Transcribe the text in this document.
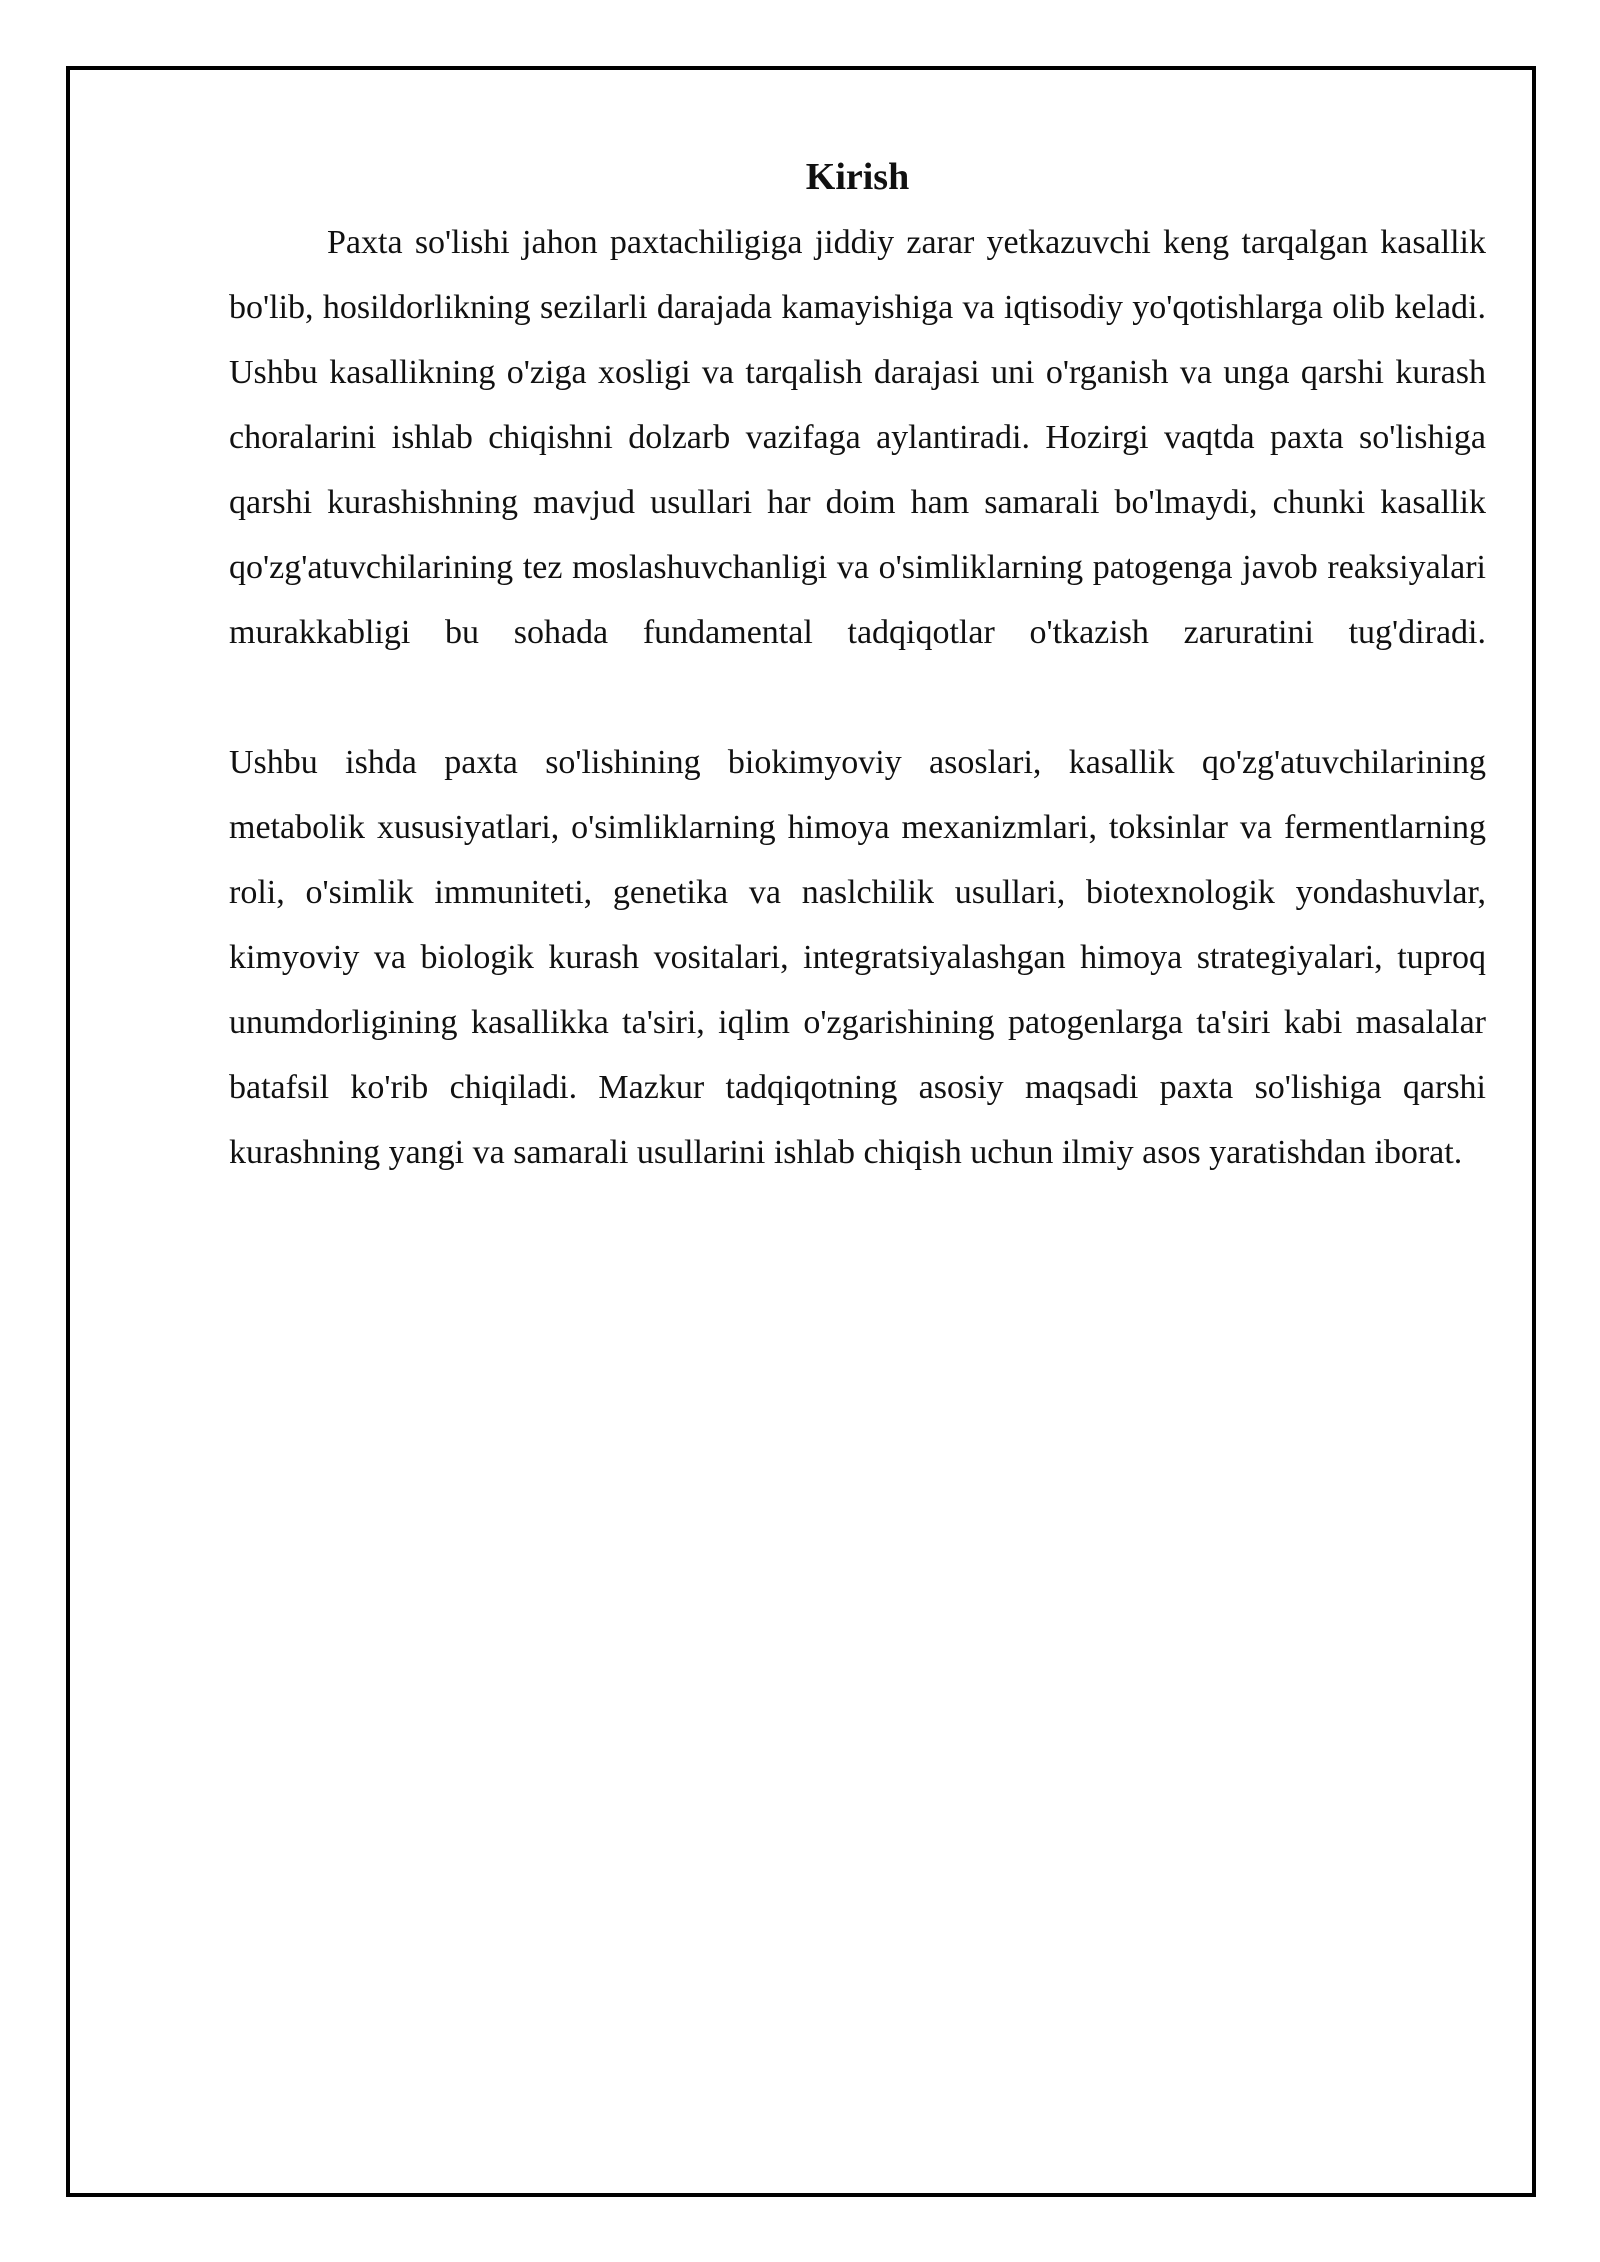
Kirish

Paxta so'lishi jahon paxtachiligiga jiddiy zarar yetkazuvchi keng tarqalgan kasallik bo'lib, hosildorlikning sezilarli darajada kamayishiga va iqtisodiy yo'qotishlarga olib keladi. Ushbu kasallikning o'ziga xosligi va tarqalish darajasi uni o'rganish va unga qarshi kurash choralarini ishlab chiqishni dolzarb vazifaga aylantiradi. Hozirgi vaqtda paxta so'lishiga qarshi kurashishning mavjud usullari har doim ham samarali bo'lmaydi, chunki kasallik qo'zg'atuvchilarining tez moslashuvchanligi va o'simliklarning patogenga javob reaksiyalari murakkabligi bu sohada fundamental tadqiqotlar o'tkazish zaruratini tug'diradi.

Ushbu ishda paxta so'lishining biokimyoviy asoslari, kasallik qo'zg'atuvchilarining metabolik xususiyatlari, o'simliklarning himoya mexanizmlari, toksinlar va fermentlarning roli, o'simlik immuniteti, genetika va naslchilik usullari, biotexnologik yondashuvlar, kimyoviy va biologik kurash vositalari, integratsiyalashgan himoya strategiyalari, tuproq unumdorligining kasallikka ta'siri, iqlim o'zgarishining patogenlarga ta'siri kabi masalalar batafsil ko'rib chiqiladi. Mazkur tadqiqotning asosiy maqsadi paxta so'lishiga qarshi kurashning yangi va samarali usullarini ishlab chiqish uchun ilmiy asos yaratishdan iborat.
